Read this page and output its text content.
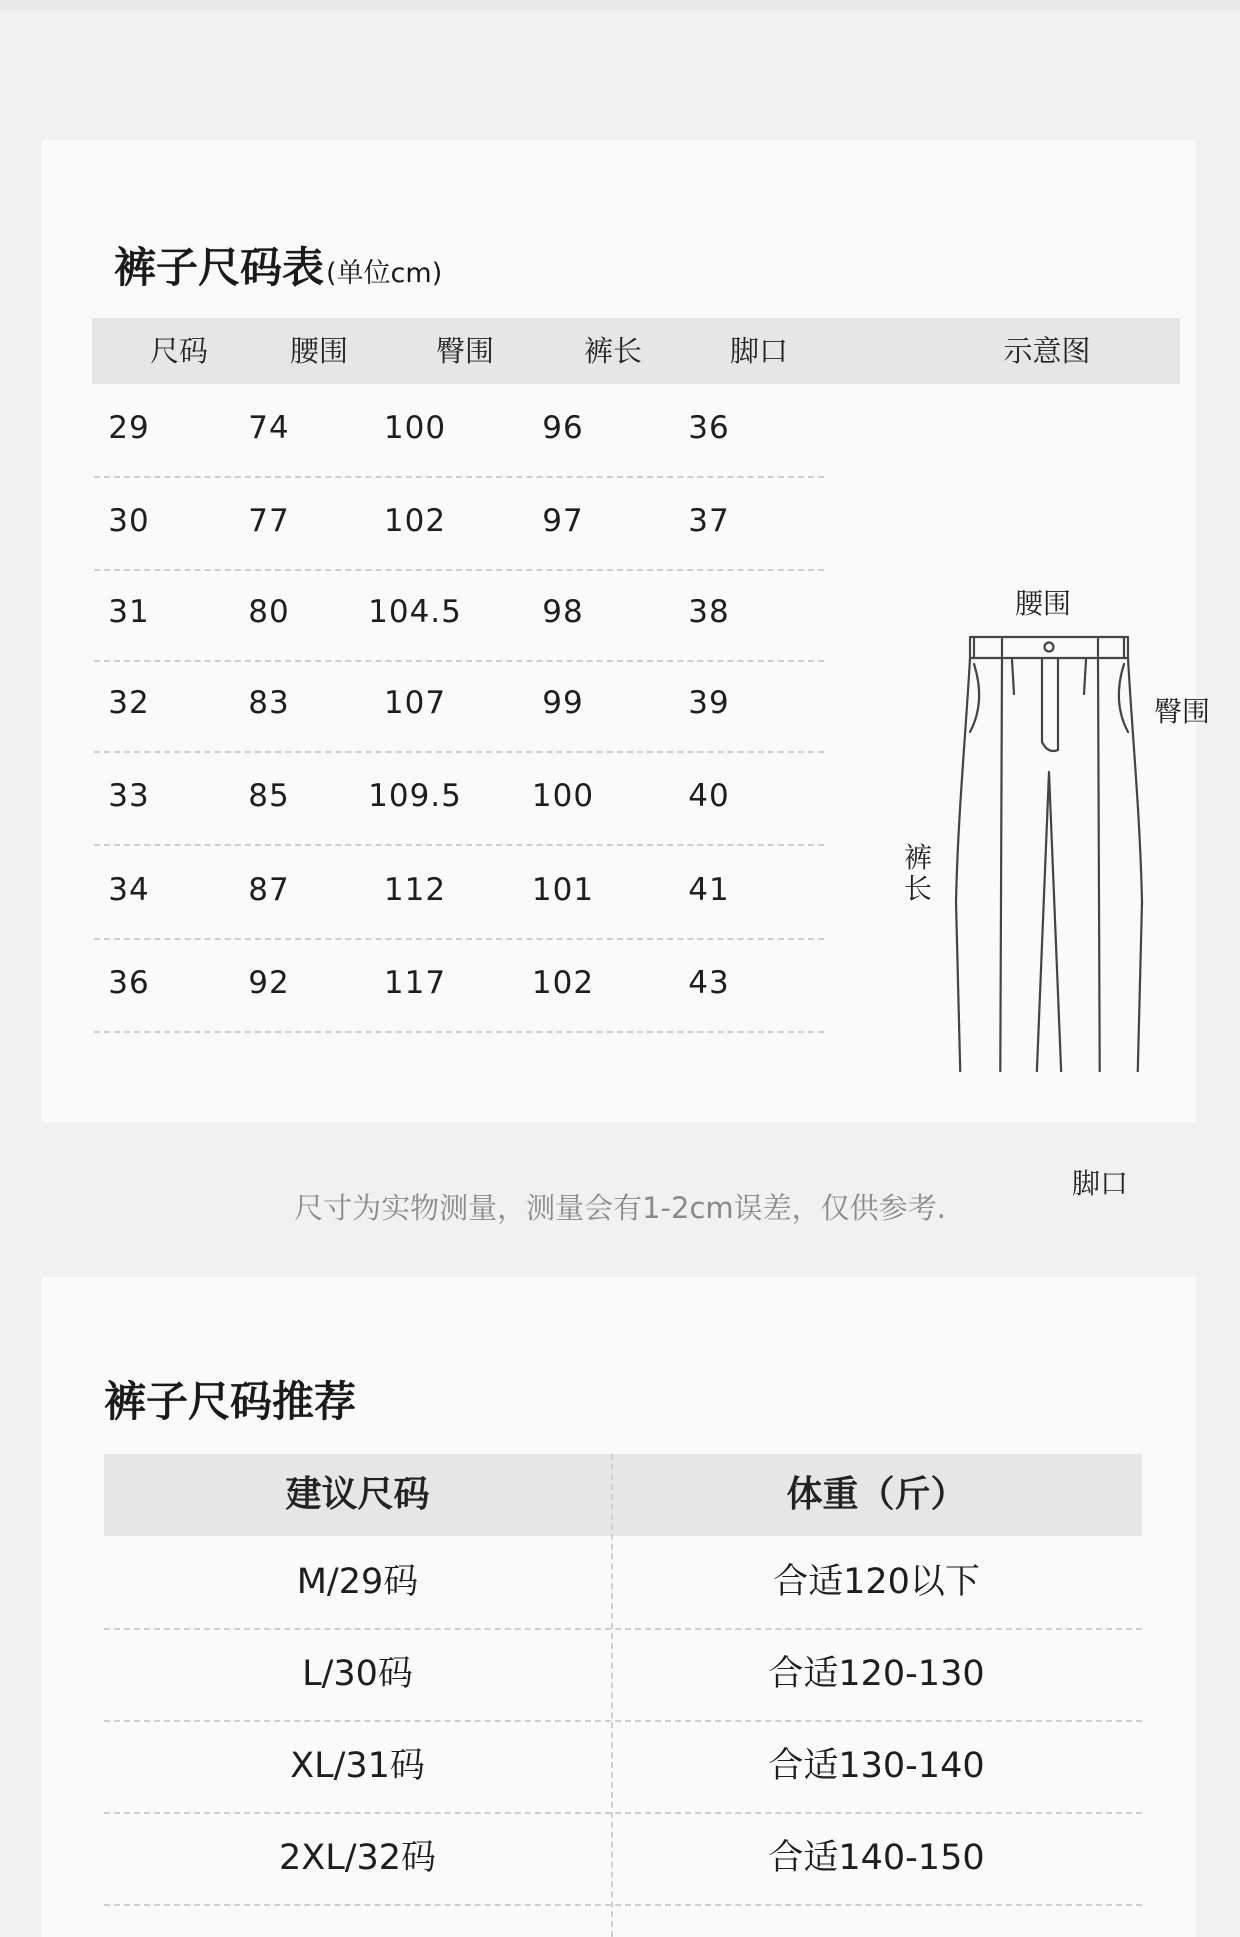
裤子尺码表(单位cm)
尺码	腰围	臀围	裤长	脚口	示意图
腰围
臀围
裤长
脚口
29	74	100	96	36
30	77	102	97	37
31	80	104.5	98	38
32	83	107	99	39
33	85	109.5	100	40
34	87	112	101	41
36	92	117	102	43
尺寸为实物测量，测量会有1-2cm误差，仅供参考.
裤子尺码推荐
建议尺码	体重（斤）
M/29码	合适120以下
L/30码	合适120-130
XL/31码	合适130-140
2XL/32码	合适140-150
